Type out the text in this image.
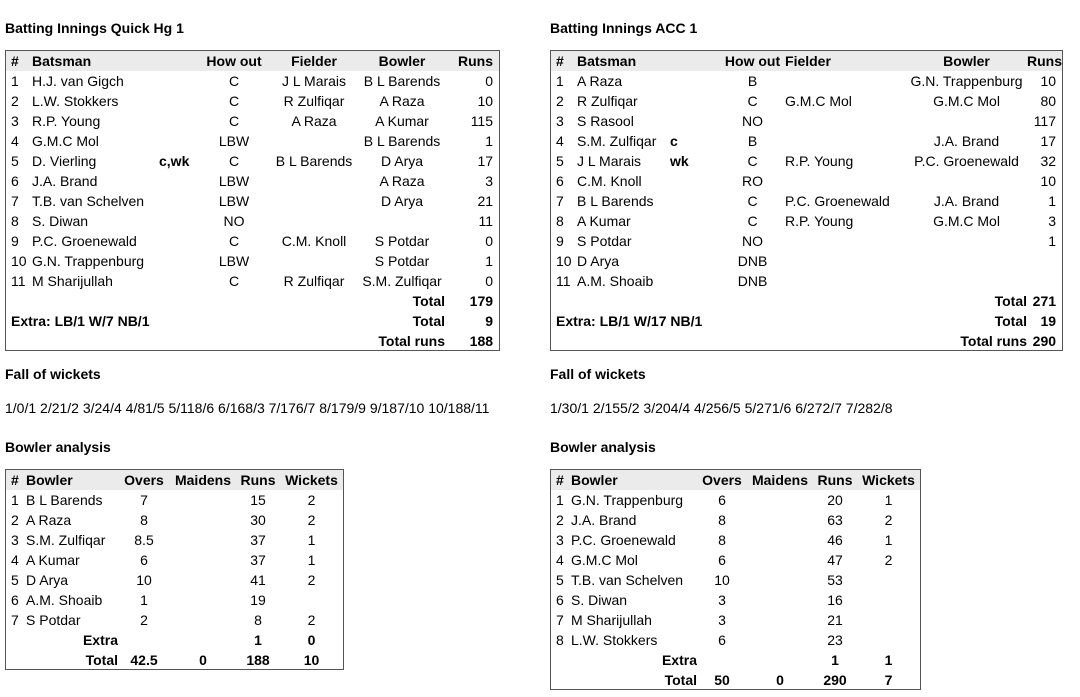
Batting Innings Quick Hg 1
#	Batsman		How out	Fielder	Bowler	Runs
1	H.J. van Gigch		C	J L Marais	B L Barends	0
2	L.W. Stokkers		C	R Zulfiqar	A Raza	10
3	R.P. Young		C	A Raza	A Kumar	115
4	G.M.C Mol		LBW		B L Barends	1
5	D. Vierling	c,wk	C	B L Barends	D Arya	17
6	J.A. Brand		LBW		A Raza	3
7	T.B. van Schelven		LBW		D Arya	21
8	S. Diwan		NO			11
9	P.C. Groenewald		C	C.M. Knoll	S Potdar	0
10	G.N. Trappenburg		LBW		S Potdar	1
11	M Sharijullah		C	R Zulfiqar	S.M. Zulfiqar	0
					Total	179
Extra: LB/1 W/7 NB/1					Total	9
					Total runs	188
Fall of wickets
1/0/1 2/21/2 3/24/4 4/81/5 5/118/6 6/168/3 7/176/7 8/179/9 9/187/10 10/188/11
Bowler analysis
#	Bowler	Overs	Maidens	Runs	Wickets
1	B L Barends	7		15	2
2	A Raza	8		30	2
3	S.M. Zulfiqar	8.5		37	1
4	A Kumar	6		37	1
5	D Arya	10		41	2
6	A.M. Shoaib	1		19	
7	S Potdar	2		8	2
Extra				1	0
Total		42.5	0	188	10
Batting Innings ACC 1
#	Batsman		How out	Fielder	Bowler	Runs
1	A Raza		B		G.N. Trappenburg	10
2	R Zulfiqar		C	G.M.C Mol	G.M.C Mol	80
3	S Rasool		NO			117
4	S.M. Zulfiqar	c	B		J.A. Brand	17
5	J L Marais	wk	C	R.P. Young	P.C. Groenewald	32
6	C.M. Knoll		RO			10
7	B L Barends		C	P.C. Groenewald	J.A. Brand	1
8	A Kumar		C	R.P. Young	G.M.C Mol	3
9	S Potdar		NO			1
10	D Arya		DNB			
11	A.M. Shoaib		DNB			
					Total	271
Extra: LB/1 W/17 NB/1					Total	19
					Total runs	290
Fall of wickets
1/30/1 2/155/2 3/204/4 4/256/5 5/271/6 6/272/7 7/282/8
Bowler analysis
#	Bowler	Overs	Maidens	Runs	Wickets
1	G.N. Trappenburg	6		20	1
2	J.A. Brand	8		63	2
3	P.C. Groenewald	8		46	1
4	G.M.C Mol	6		47	2
5	T.B. van Schelven	10		53	
6	S. Diwan	3		16	
7	M Sharijullah	3		21	
8	L.W. Stokkers	6		23	
Extra				1	1
Total		50	0	290	7
